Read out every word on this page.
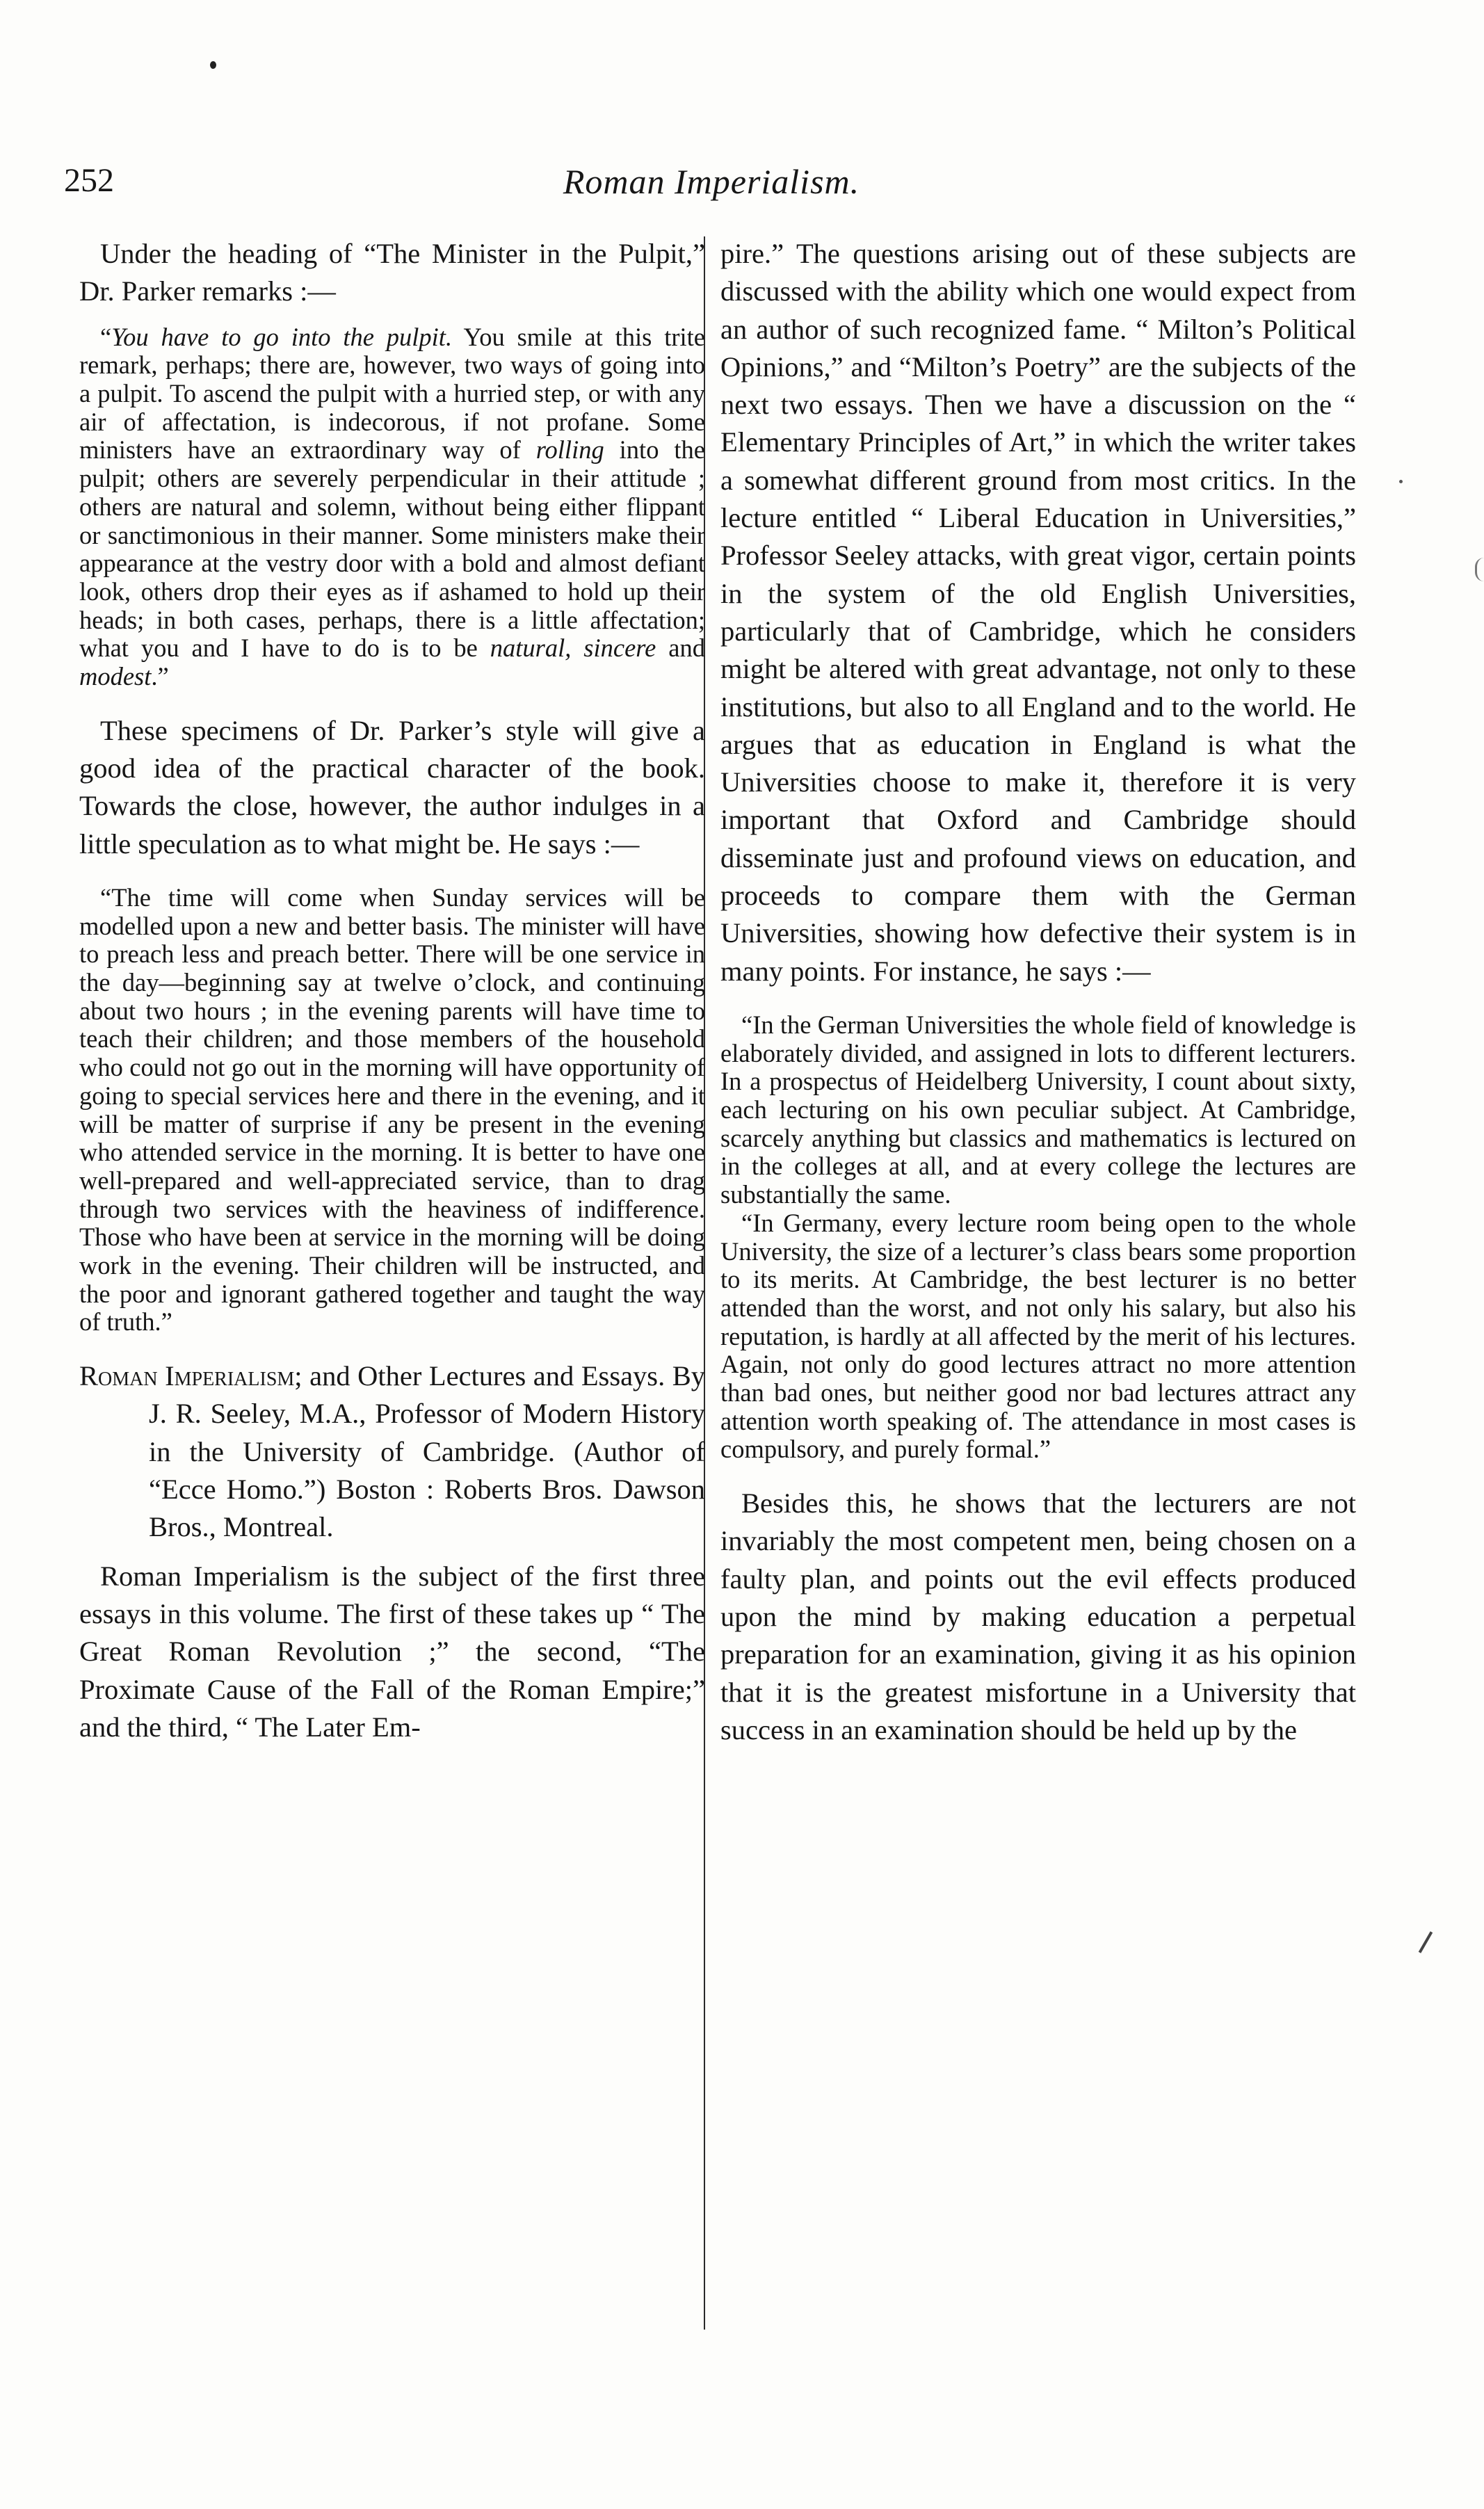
252	Roman Imperialism.

Under the heading of “The Minister in the Pulpit,” Dr. Parker remarks :—

“You have to go into the pulpit. You smile at this trite remark, perhaps; there are, however, two ways of going into a pulpit. To ascend the pulpit with a hurried step, or with any air of affectation, is indecorous, if not profane. Some ministers have an extraordinary way of rolling into the pulpit; others are severely perpendicular in their attitude ; others are natural and solemn, without being either flippant or sanctimonious in their manner. Some ministers make their appearance at the vestry door with a bold and almost defiant look, others drop their eyes as if ashamed to hold up their heads; in both cases, perhaps, there is a little affectation; what you and I have to do is to be natural, sincere and modest.”

These specimens of Dr. Parker’s style will give a good idea of the practical character of the book. Towards the close, however, the author indulges in a little speculation as to what might be. He says :—

“The time will come when Sunday services will be modelled upon a new and better basis. The minister will have to preach less and preach better. There will be one service in the day—beginning say at twelve o’clock, and continuing about two hours ; in the evening parents will have time to teach their children; and those members of the household who could not go out in the morning will have opportunity of going to special services here and there in the evening, and it will be matter of surprise if any be present in the evening who attended service in the morning. It is better to have one well-prepared and well-appreciated service, than to drag through two services with the heaviness of indifference. Those who have been at service in the morning will be doing work in the evening. Their children will be instructed, and the poor and ignorant gathered together and taught the way of truth.”

Roman Imperialism; and Other Lectures and Essays. By J. R. Seeley, M.A., Professor of Modern History in the University of Cambridge. (Author of “Ecce Homo.”) Boston : Roberts Bros. Dawson Bros., Montreal.

Roman Imperialism is the subject of the first three essays in this volume. The first of these takes up “ The Great Roman Revolution ;” the second, “The Proximate Cause of the Fall of the Roman Empire;” and the third, “ The Later Em-

pire.” The questions arising out of these subjects are discussed with the ability which one would expect from an author of such recognized fame. “ Milton’s Political Opinions,” and “Milton’s Poetry” are the subjects of the next two essays. Then we have a discussion on the “ Elementary Principles of Art,” in which the writer takes a somewhat different ground from most critics. In the lecture entitled “ Liberal Education in Universities,” Professor Seeley attacks, with great vigor, certain points in the system of the old English Universities, particularly that of Cambridge, which he considers might be altered with great advantage, not only to these institutions, but also to all England and to the world. He argues that as education in England is what the Universities choose to make it, therefore it is very important that Oxford and Cambridge should disseminate just and profound views on education, and proceeds to compare them with the German Universities, showing how defective their system is in many points. For instance, he says :—

“In the German Universities the whole field of knowledge is elaborately divided, and assigned in lots to different lecturers. In a prospectus of Heidelberg University, I count about sixty, each lecturing on his own peculiar subject. At Cambridge, scarcely anything but classics and mathematics is lectured on in the colleges at all, and at every college the lectures are substantially the same.
“In Germany, every lecture room being open to the whole University, the size of a lecturer’s class bears some proportion to its merits. At Cambridge, the best lecturer is no better attended than the worst, and not only his salary, but also his reputation, is hardly at all affected by the merit of his lectures. Again, not only do good lectures attract no more attention than bad ones, but neither good nor bad lectures attract any attention worth speaking of. The attendance in most cases is compulsory, and purely formal.”

Besides this, he shows that the lecturers are not invariably the most competent men, being chosen on a faulty plan, and points out the evil effects produced upon the mind by making education a perpetual preparation for an examination, giving it as his opinion that it is the greatest misfortune in a University that success in an examination should be held up by the
